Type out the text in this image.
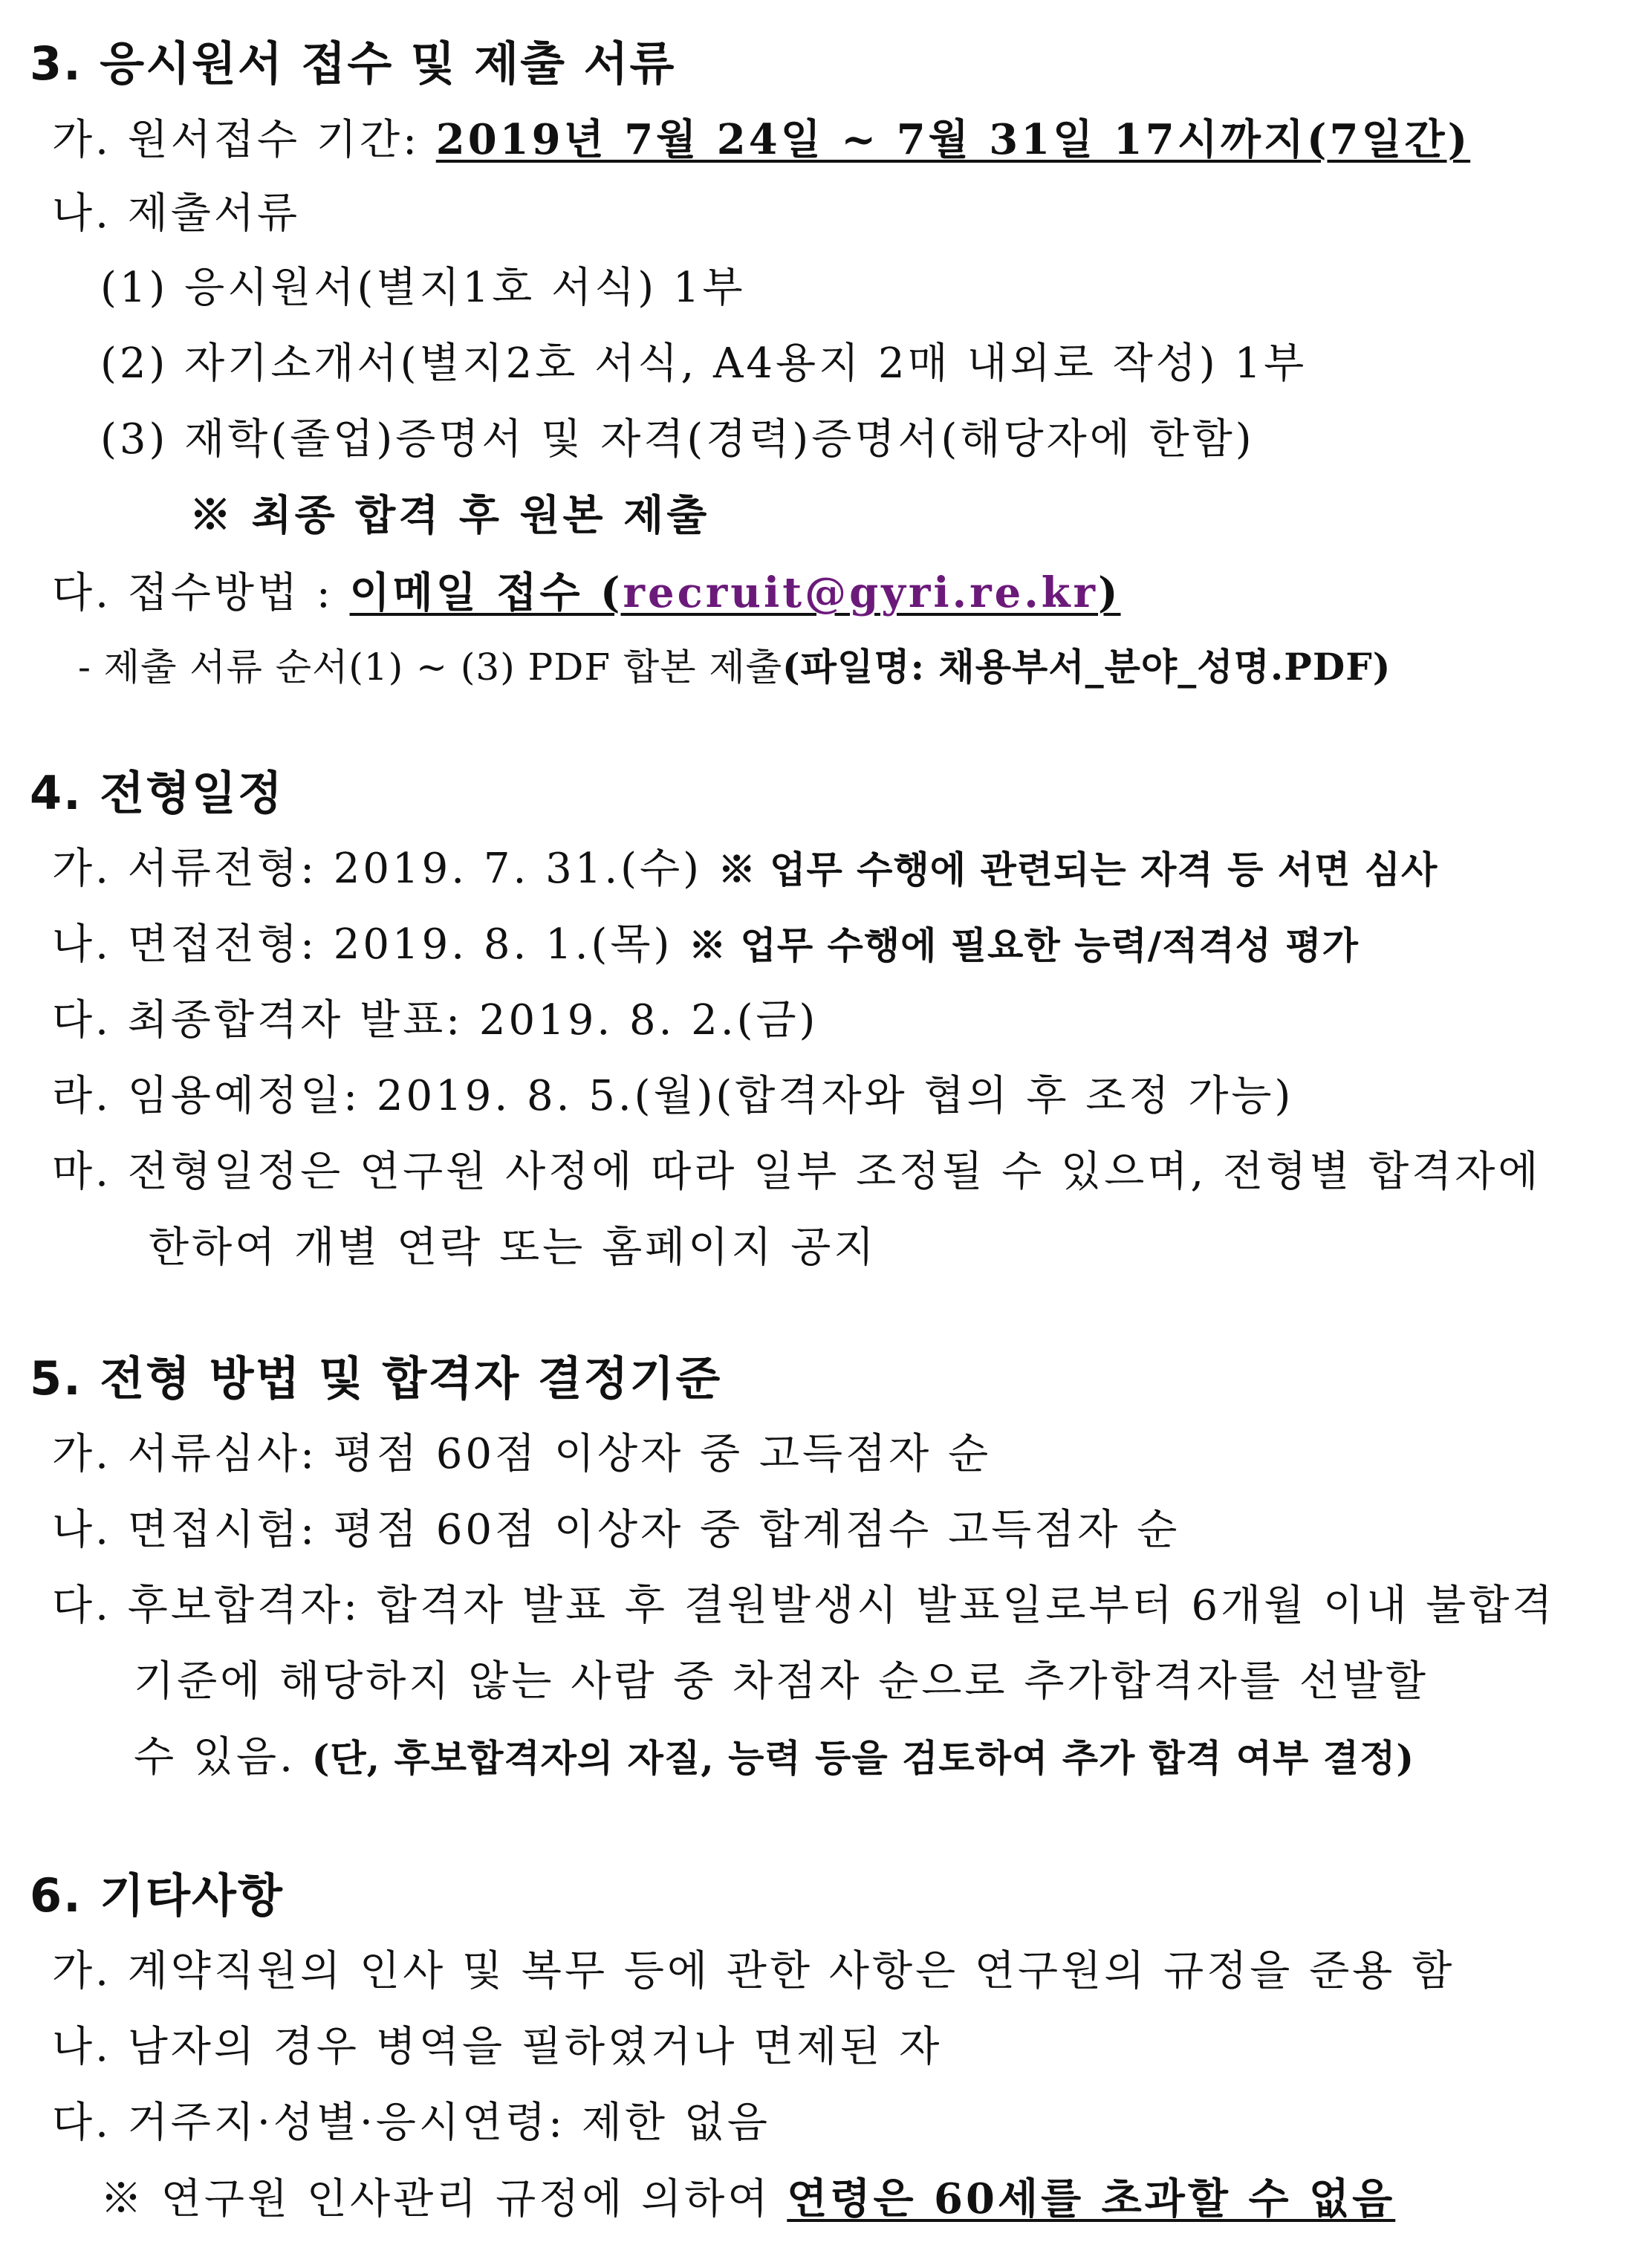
3. 응시원서 접수 및 제출 서류
가. 원서접수 기간: 2019년 7월 24일 ~ 7월 31일 17시까지(7일간)
나. 제출서류
(1) 응시원서(별지1호 서식) 1부
(2) 자기소개서(별지2호 서식, A4용지 2매 내외로 작성) 1부
(3) 재학(졸업)증명서 및 자격(경력)증명서(해당자에 한함)
※ 최종 합격 후 원본 제출
다. 접수방법 : 이메일 접수 (recruit@gyri.re.kr)
- 제출 서류 순서(1) ~ (3) PDF 합본 제출(파일명: 채용부서_분야_성명.PDF)
4. 전형일정
가. 서류전형: 2019. 7. 31.(수) ※ 업무 수행에 관련되는 자격 등 서면 심사
나. 면접전형: 2019. 8. 1.(목) ※ 업무 수행에 필요한 능력/적격성 평가
다. 최종합격자 발표: 2019. 8. 2.(금)
라. 임용예정일: 2019. 8. 5.(월)(합격자와 협의 후 조정 가능)
마. 전형일정은 연구원 사정에 따라 일부 조정될 수 있으며, 전형별 합격자에
한하여 개별 연락 또는 홈페이지 공지
5. 전형 방법 및 합격자 결정기준
가. 서류심사: 평점 60점 이상자 중 고득점자 순
나. 면접시험: 평점 60점 이상자 중 합계점수 고득점자 순
다. 후보합격자: 합격자 발표 후 결원발생시 발표일로부터 6개월 이내 불합격
기준에 해당하지 않는 사람 중 차점자 순으로 추가합격자를 선발할
수 있음. (단, 후보합격자의 자질, 능력 등을 검토하여 추가 합격 여부 결정)
6. 기타사항
가. 계약직원의 인사 및 복무 등에 관한 사항은 연구원의 규정을 준용 함
나. 남자의 경우 병역을 필하였거나 면제된 자
다. 거주지·성별·응시연령: 제한 없음
※ 연구원 인사관리 규정에 의하여 연령은 60세를 초과할 수 없음
